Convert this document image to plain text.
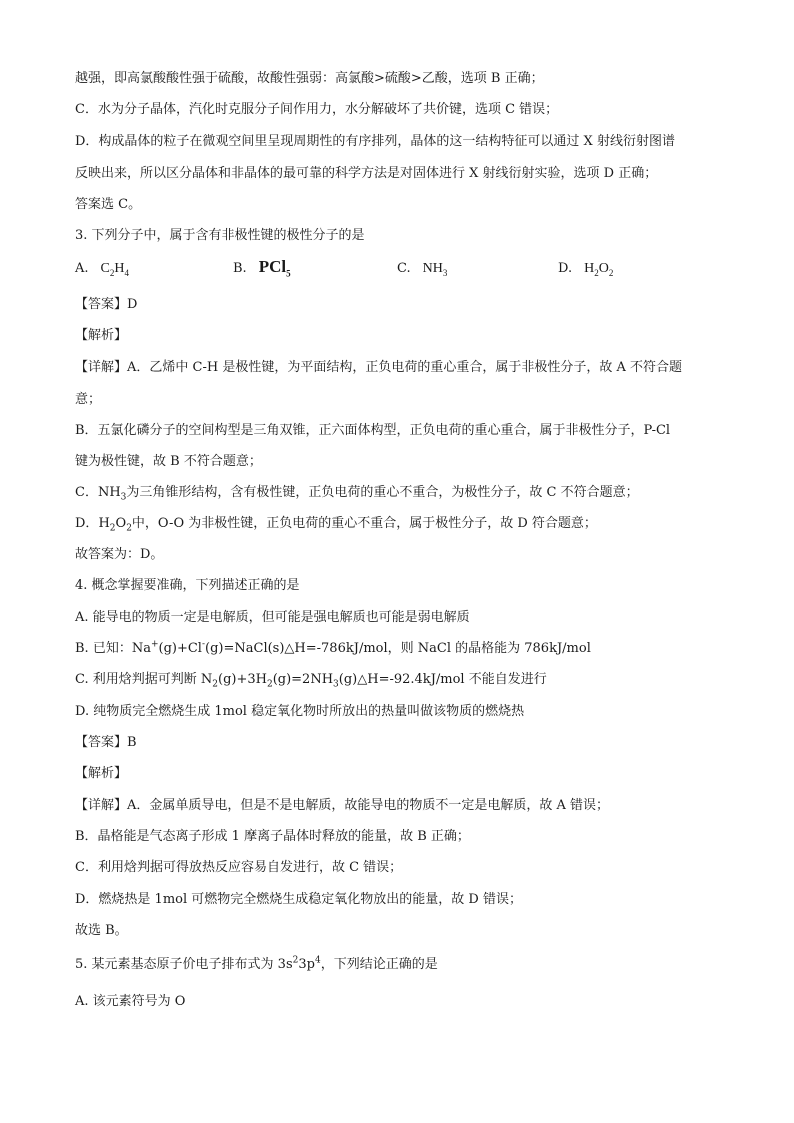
越强，即高氯酸酸性强于硫酸，故酸性强弱：高氯酸>硫酸>乙酸，选项 B 正确；
C．水为分子晶体，汽化时克服分子间作用力，水分解破坏了共价键，选项 C 错误；
D．构成晶体的粒子在微观空间里呈现周期性的有序排列，晶体的这一结构特征可以通过 X 射线衍射图谱
反映出来，所以区分晶体和非晶体的最可靠的科学方法是对固体进行 X 射线衍射实验，选项 D 正确；
答案选 C。
3. 下列分子中，属于含有非极性键的极性分子的是
A. $C_2H_4$	B. PCl$_5$	C. $NH_3$	D. $H_2O_2$
【答案】D
【解析】
【详解】A．乙烯中 C-H 是极性键，为平面结构，正负电荷的重心重合，属于非极性分子，故 A 不符合题
意；
B．五氯化磷分子的空间构型是三角双锥，正六面体构型，正负电荷的重心重合，属于非极性分子，P-Cl
键为极性键，故 B 不符合题意；
C．$NH_3$为三角锥形结构，含有极性键，正负电荷的重心不重合，为极性分子，故 C 不符合题意；
D．$H_2O_2$中，O-O 为非极性键，正负电荷的重心不重合，属于极性分子，故 D 符合题意；
故答案为：D。
4. 概念掌握要准确，下列描述正确的是
A. 能导电的物质一定是电解质，但可能是强电解质也可能是弱电解质
B. 已知：Na+(g)+Cl-(g)=NaCl(s)△H=-786kJ/mol，则 NaCl 的晶格能为 786kJ/mol
C. 利用焓判据可判断 $N_2(g)+3H_2(g)=2NH_3(g)\triangle H=-92.4kJ$/mol 不能自发进行
D. 纯物质完全燃烧生成 1mol 稳定氧化物时所放出的热量叫做该物质的燃烧热
【答案】B
【解析】
【详解】A．金属单质导电，但是不是电解质，故能导电的物质不一定是电解质，故 A 错误；
B．晶格能是气态离子形成 1 摩离子晶体时释放的能量，故 B 正确；
C．利用焓判据可得放热反应容易自发进行，故 C 错误；
D．燃烧热是 1mol 可燃物完全燃烧生成稳定氧化物放出的能量，故 D 错误；
故选 B。
5. 某元素基态原子价电子排布式为 $3s^23p^4$，下列结论正确的是
A. 该元素符号为 O
